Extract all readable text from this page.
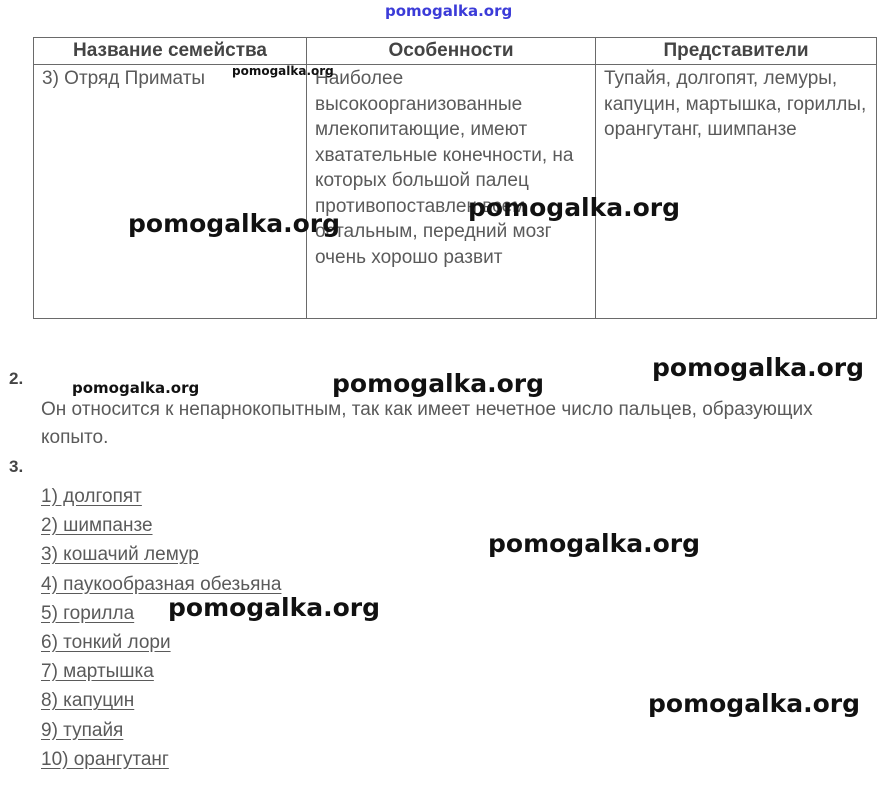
pomogalka.org
Название семейства	Особенности	Представители
3) Отряд Приматы	Наиболее высокоорганизованные млекопитающие, имеют хватательные конечности, на которых большой палец противопоставлен всем остальным, передний мозг очень хорошо развит	Тупайя, долгопят, лемуры, капуцин, мартышка, гориллы, орангутанг, шимпанзе
2.
Он относится к непарнокопытным, так как имеет нечетное число пальцев, образующих копыто.
3.
1) долгопят
2) шимпанзе
3) кошачий лемур
4) паукообразная обезьяна
5) горилла
6) тонкий лори
7) мартышка
8) капуцин
9) тупайя
10) орангутанг
pomogalka.org
pomogalka.org
pomogalka.org
pomogalka.org
pomogalka.org	pomogalka.org
pomogalka.org
pomogalka.org
pomogalka.org
